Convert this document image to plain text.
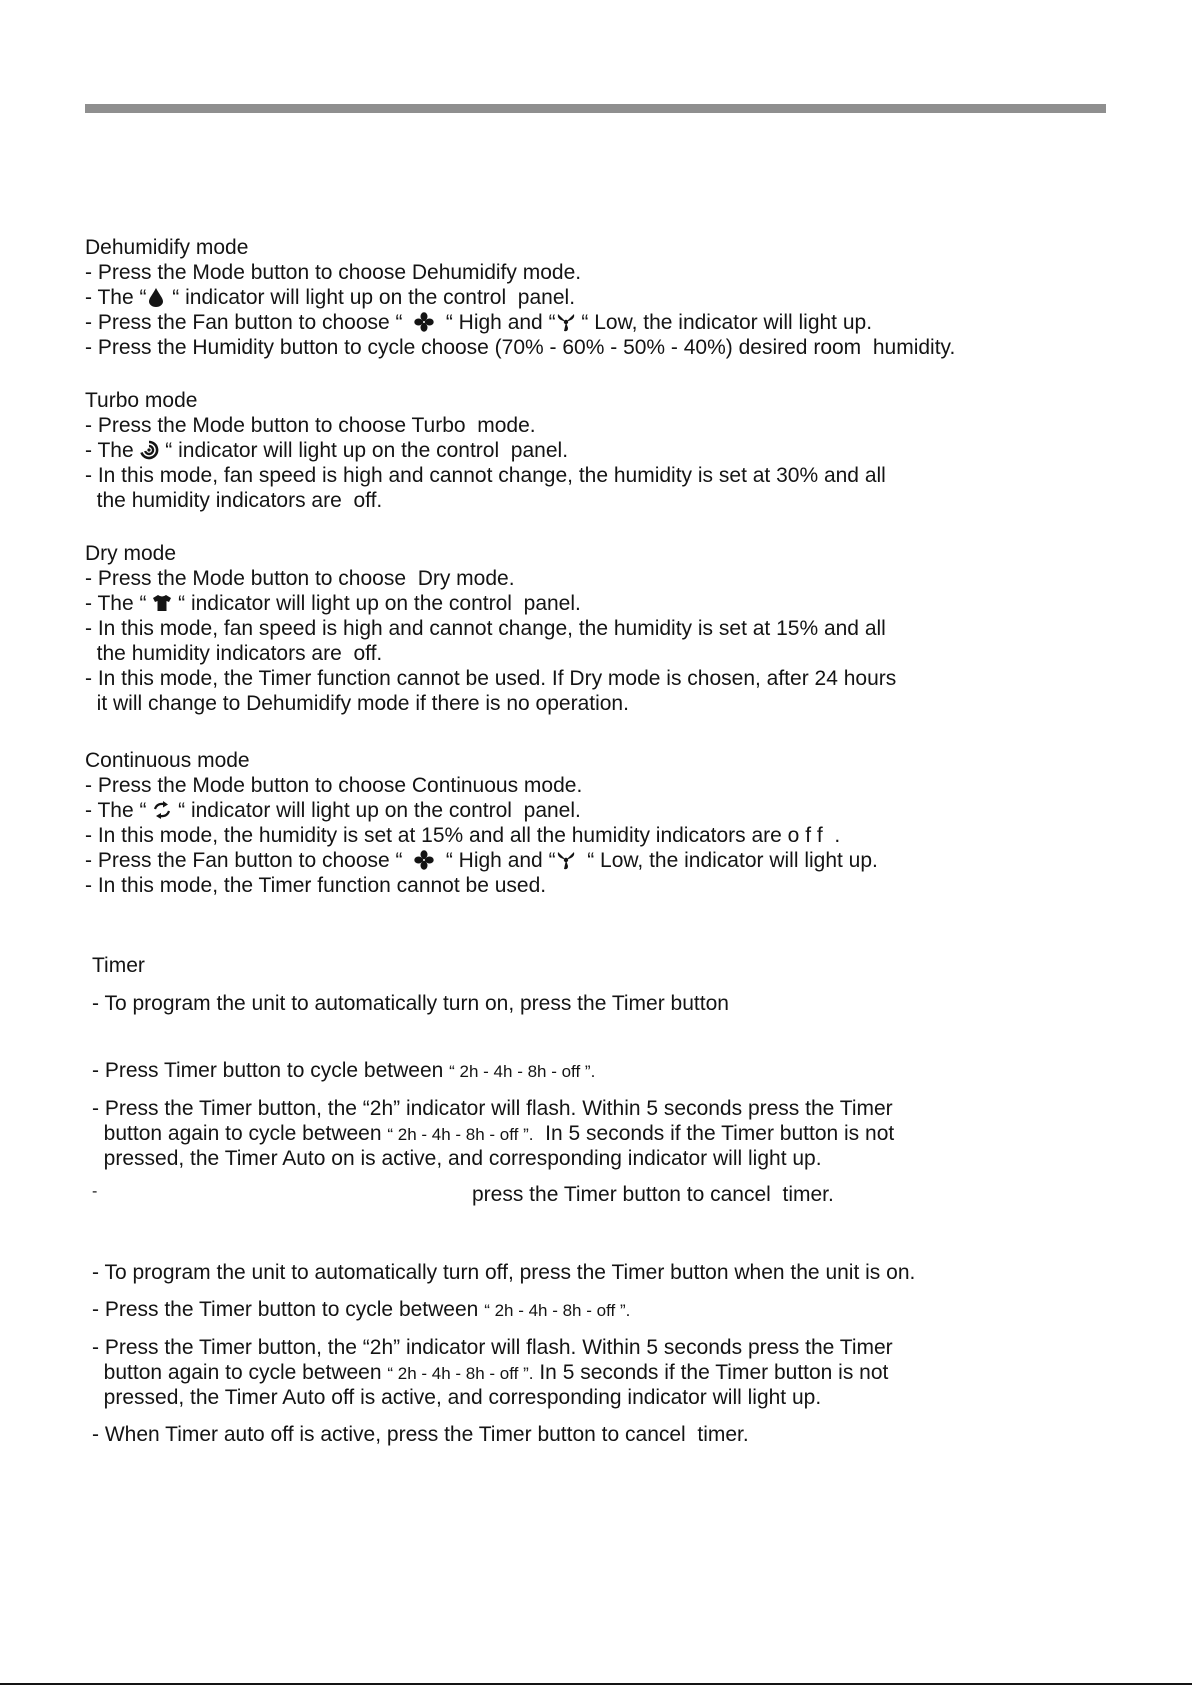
Dehumidify mode
- Press the Mode button to choose Dehumidify mode.
- The “
“ indicator will light up on the control  panel.
- Press the Fan button to choose “
“ High and “
“ Low, the indicator will light up.
- Press the Humidity button to cycle choose (70% - 60% - 50% - 40%) desired room  humidity.
Turbo mode
- Press the Mode button to choose Turbo  mode.
- The
“ indicator will light up on the control  panel.
- In this mode, fan speed is high and cannot change, the humidity is set at 30% and all
the humidity indicators are  off.
Dry mode
- Press the Mode button to choose  Dry mode.
- The “
“ indicator will light up on the control  panel.
- In this mode, fan speed is high and cannot change, the humidity is set at 15% and all
the humidity indicators are  off.
- In this mode, the Timer function cannot be used. If Dry mode is chosen, after 24 hours
it will change to Dehumidify mode if there is no operation.
Continuous mode
- Press the Mode button to choose Continuous mode.
- The “
“ indicator will light up on the control  panel.
- In this mode, the humidity is set at 15% and all the humidity indicators are o f f  .
- Press the Fan button to choose “
“ High and “
“ Low, the indicator will light up.
- In this mode, the Timer function cannot be used.
Timer
- To program the unit to automatically turn on, press the Timer button
- Press Timer button to cycle between “ 2h - 4h - 8h - off ”.
- Press the Timer button, the “2h” indicator will flash. Within 5 seconds press the Timer
button again to cycle between “ 2h - 4h - 8h - off ”.  In 5 seconds if the Timer button is not
pressed, the Timer Auto on is active, and corresponding indicator will light up.
-	press the Timer button to cancel  timer.
- To program the unit to automatically turn off, press the Timer button when the unit is on.
- Press the Timer button to cycle between “ 2h - 4h - 8h - off ”.
- Press the Timer button, the “2h” indicator will flash. Within 5 seconds press the Timer
button again to cycle between “ 2h - 4h - 8h - off ”. In 5 seconds if the Timer button is not
pressed, the Timer Auto off is active, and corresponding indicator will light up.
- When Timer auto off is active, press the Timer button to cancel  timer.
